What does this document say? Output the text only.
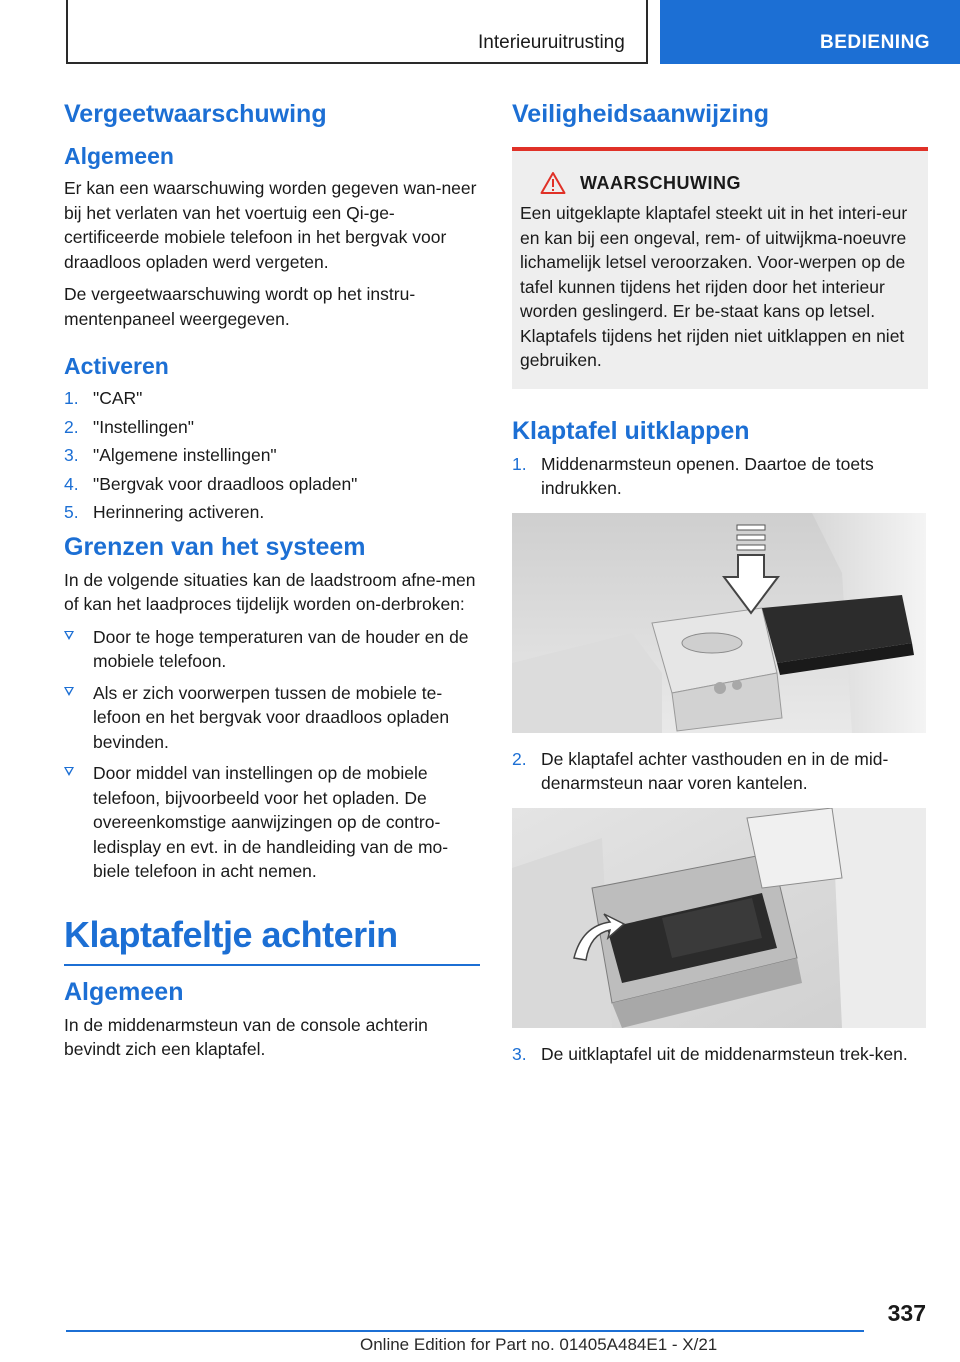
Interieuruitrusting	BEDIENING
Vergeetwaarschuwing
Algemeen

Er kan een waarschuwing worden gegeven wan-neer bij het verlaten van het voertuig een Qi-ge-certificeerde mobiele telefoon in het bergvak voor draadloos opladen werd vergeten.

De vergeetwaarschuwing wordt op het instru-mentenpaneel weergegeven.

Activeren
1. "CAR"
2. "Instellingen"
3. "Algemene instellingen"
4. "Bergvak voor draadloos opladen"
5. Herinnering activeren.
Grenzen van het systeem

In de volgende situaties kan de laadstroom afne-men of kan het laadproces tijdelijk worden on-derbroken:

Door te hoge temperaturen van de houder en de mobiele telefoon.
Als er zich voorwerpen tussen de mobiele te-lefoon en het bergvak voor draadloos opladen bevinden.
Door middel van instellingen op de mobiele telefoon, bijvoorbeeld voor het opladen. De overeenkomstige aanwijzingen op de contro-ledisplay en evt. in de handleiding van de mo-biele telefoon in acht nemen.
Klaptafeltje achterin
Algemeen

In de middenarmsteun van de console achterin bevindt zich een klaptafel.

Veiligheidsaanwijzing
WAARSCHUWING

Een uitgeklapte klaptafel steekt uit in het interi-eur en kan bij een ongeval, rem- of uitwijkma-noeuvre lichamelijk letsel veroorzaken. Voor-werpen op de tafel kunnen tijdens het rijden door het interieur worden geslingerd. Er be-staat kans op letsel. Klaptafels tijdens het rijden niet uitklappen en niet gebruiken.

Klaptafel uitklappen
1. Middenarmsteun openen. Daartoe de toets indrukken.
2. De klaptafel achter vasthouden en in de mid-denarmsteun naar voren kantelen.
3. De uitklaptafel uit de middenarmsteun trek-ken.
337
Online Edition for Part no. 01405A484E1 - X/21
